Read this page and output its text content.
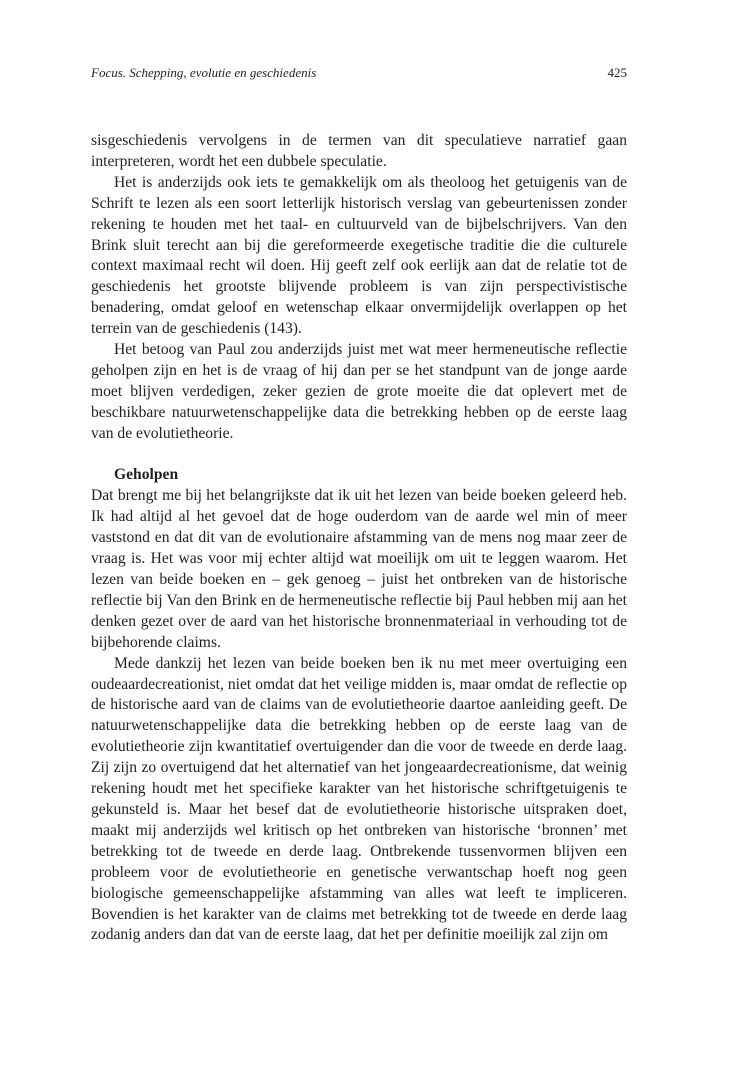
Focus. Schepping, evolutie en geschiedenis	425

sisgeschiedenis vervolgens in de termen van dit speculatieve narratief gaan interpreteren, wordt het een dubbele speculatie.

Het is anderzijds ook iets te gemakkelijk om als theoloog het getuigenis van de Schrift te lezen als een soort letterlijk historisch verslag van gebeurtenissen zonder rekening te houden met het taal- en cultuurveld van de bijbelschrijvers. Van den Brink sluit terecht aan bij die gereformeerde exegetische traditie die die culturele context maximaal recht wil doen. Hij geeft zelf ook eerlijk aan dat de relatie tot de geschiedenis het grootste blijvende probleem is van zijn perspectivistische benadering, omdat geloof en wetenschap elkaar onvermijdelijk overlappen op het terrein van de geschiedenis (143).

Het betoog van Paul zou anderzijds juist met wat meer hermeneutische reflectie geholpen zijn en het is de vraag of hij dan per se het standpunt van de jonge aarde moet blijven verdedigen, zeker gezien de grote moeite die dat oplevert met de beschikbare natuurwetenschappelijke data die betrekking hebben op de eerste laag van de evolutietheorie.

Geholpen

Dat brengt me bij het belangrijkste dat ik uit het lezen van beide boeken geleerd heb. Ik had altijd al het gevoel dat de hoge ouderdom van de aarde wel min of meer vaststond en dat dit van de evolutionaire afstamming van de mens nog maar zeer de vraag is. Het was voor mij echter altijd wat moeilijk om uit te leggen waarom. Het lezen van beide boeken en – gek genoeg – juist het ontbreken van de historische reflectie bij Van den Brink en de hermeneutische reflectie bij Paul hebben mij aan het denken gezet over de aard van het historische bronnenmateriaal in verhouding tot de bijbehorende claims.

Mede dankzij het lezen van beide boeken ben ik nu met meer overtuiging een oudeaardecreationist, niet omdat dat het veilige midden is, maar omdat de reflectie op de historische aard van de claims van de evolutietheorie daartoe aanleiding geeft. De natuurwetenschappelijke data die betrekking hebben op de eerste laag van de evolutietheorie zijn kwantitatief overtuigender dan die voor de tweede en derde laag. Zij zijn zo overtuigend dat het alternatief van het jongeaardecreationisme, dat weinig rekening houdt met het specifieke karakter van het historische schriftgetuigenis te gekunsteld is. Maar het besef dat de evolutietheorie historische uitspraken doet, maakt mij anderzijds wel kritisch op het ontbreken van historische ‘bronnen’ met betrekking tot de tweede en derde laag. Ontbrekende tussenvormen blijven een probleem voor de evolutietheorie en genetische verwantschap hoeft nog geen biologische gemeenschappelijke afstamming van alles wat leeft te impliceren. Bovendien is het karakter van de claims met betrekking tot de tweede en derde laag zodanig anders dan dat van de eerste laag, dat het per definitie moeilijk zal zijn om
